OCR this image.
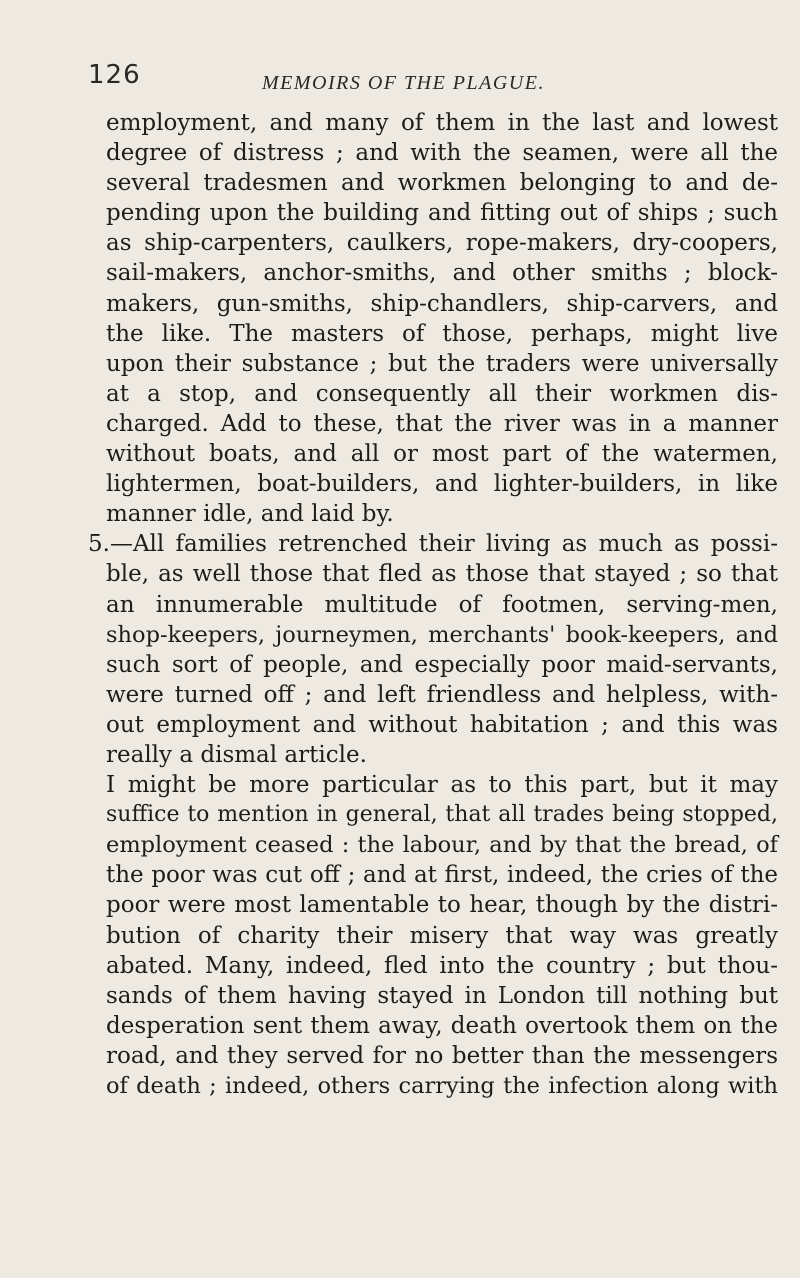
126	MEMOIRS OF THE PLAGUE.
employment, and many of them in the last and lowest
degree of distress ; and with the seamen, were all the
several tradesmen and workmen belonging to and de-
pending upon the building and fitting out of ships ; such
as ship-carpenters, caulkers, rope-makers, dry-coopers,
sail-makers, anchor-smiths, and other smiths ; block-
makers, gun-smiths, ship-chandlers, ship-carvers, and
the like. The masters of those, perhaps, might live
upon their substance ; but the traders were universally
at a stop, and consequently all their workmen dis-
charged. Add to these, that the river was in a manner
without boats, and all or most part of the watermen,
lightermen, boat-builders, and lighter-builders, in like
manner idle, and laid by.
5.—All families retrenched their living as much as possi-
ble, as well those that fled as those that stayed ; so that
an innumerable multitude of footmen, serving-men,
shop-keepers, journeymen, merchants' book-keepers, and
such sort of people, and especially poor maid-servants,
were turned off ; and left friendless and helpless, with-
out employment and without habitation ; and this was
really a dismal article.
I might be more particular as to this part, but it may
suffice to mention in general, that all trades being stopped,
employment ceased : the labour, and by that the bread, of
the poor was cut off ; and at first, indeed, the cries of the
poor were most lamentable to hear, though by the distri-
bution of charity their misery that way was greatly
abated. Many, indeed, fled into the country ; but thou-
sands of them having stayed in London till nothing but
desperation sent them away, death overtook them on the
road, and they served for no better than the messengers
of death ; indeed, others carrying the infection along with
